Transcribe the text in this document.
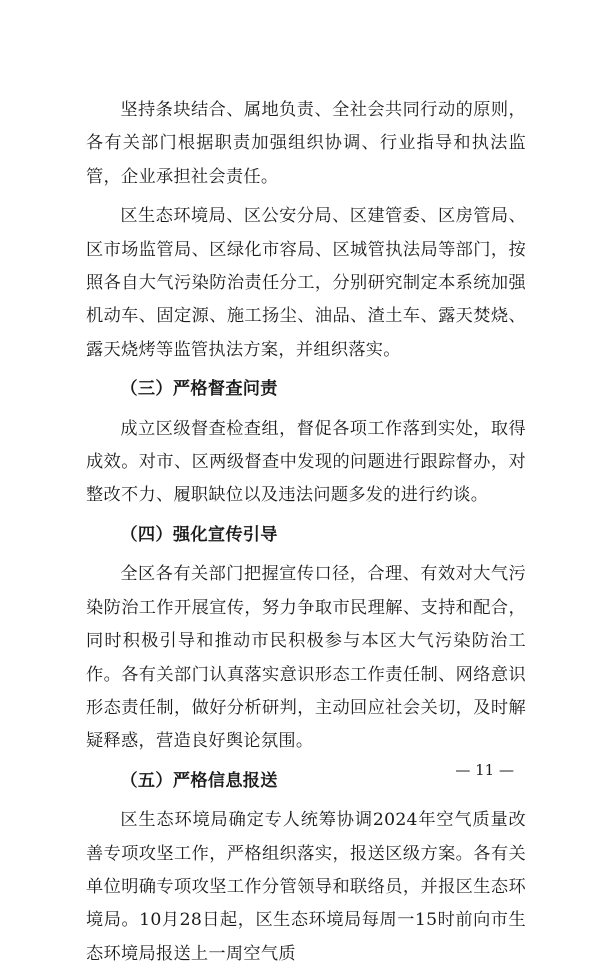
坚持条块结合、属地负责、全社会共同行动的原则，各有关部门根据职责加强组织协调、行业指导和执法监管，企业承担社会责任。

区生态环境局、区公安分局、区建管委、区房管局、区市场监管局、区绿化市容局、区城管执法局等部门，按照各自大气污染防治责任分工，分别研究制定本系统加强机动车、固定源、施工扬尘、油品、渣土车、露天焚烧、露天烧烤等监管执法方案，并组织落实。

（三）严格督查问责

成立区级督查检查组，督促各项工作落到实处，取得成效。对市、区两级督查中发现的问题进行跟踪督办，对整改不力、履职缺位以及违法问题多发的进行约谈。

（四）强化宣传引导

全区各有关部门把握宣传口径，合理、有效对大气污染防治工作开展宣传，努力争取市民理解、支持和配合，同时积极引导和推动市民积极参与本区大气污染防治工作。各有关部门认真落实意识形态工作责任制、网络意识形态责任制，做好分析研判，主动回应社会关切，及时解疑释惑，营造良好舆论氛围。

（五）严格信息报送

区生态环境局确定专人统筹协调2024年空气质量改善专项攻坚工作，严格组织落实，报送区级方案。各有关单位明确专项攻坚工作分管领导和联络员，并报区生态环境局。10月28日起，区生态环境局每周一15时前向市生态环境局报送上一周空气质

— 11 —
